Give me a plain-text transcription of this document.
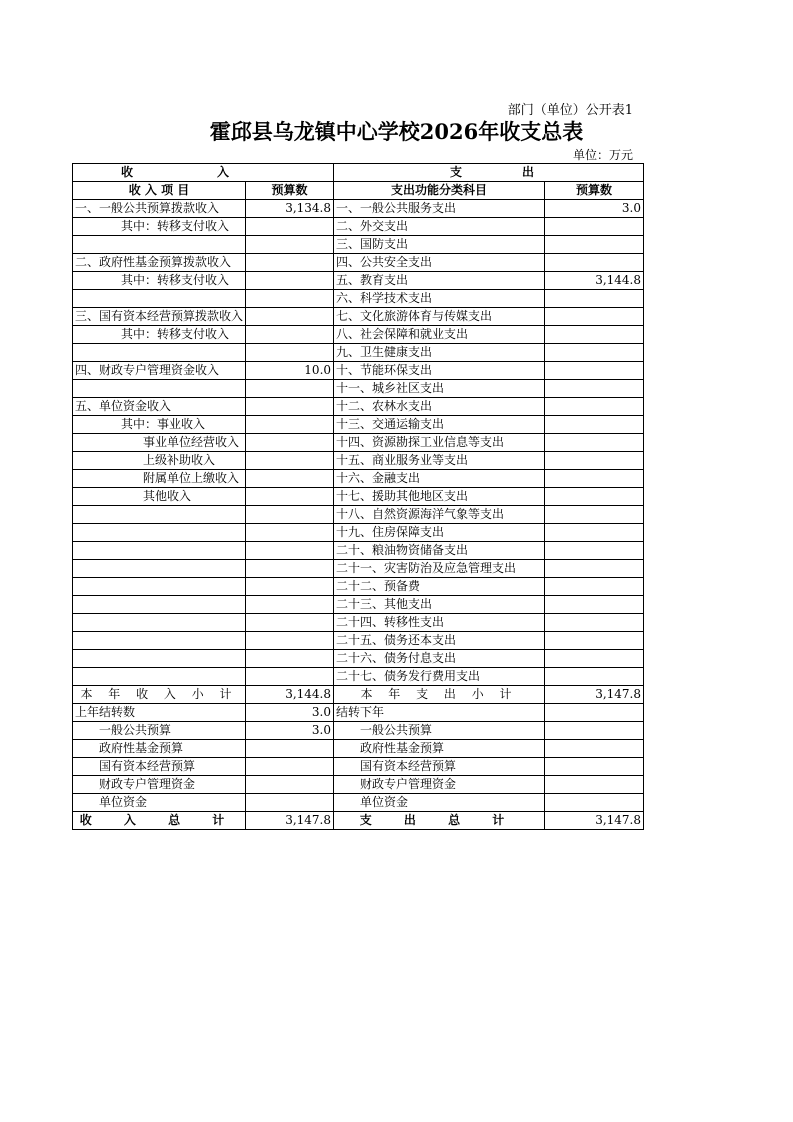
部门（单位）公开表1
霍邱县乌龙镇中心学校2026年收支总表
单位：万元
收　　　　　　　入		支　　　　　出	
收 入 项 目	预算数	支出功能分类科目	预算数
一、一般公共预算拨款收入	3,134.8	一、一般公共服务支出	3.0
其中：转移支付收入		二、外交支出	
		三、国防支出	
二、政府性基金预算拨款收入		四、公共安全支出	
其中：转移支付收入		五、教育支出	3,144.8
		六、科学技术支出	
三、国有资本经营预算拨款收入		七、文化旅游体育与传媒支出	
其中：转移支付收入		八、社会保障和就业支出	
		九、卫生健康支出	
四、财政专户管理资金收入	10.0	十、节能环保支出	
		十一、城乡社区支出	
五、单位资金收入		十二、农林水支出	
其中：事业收入		十三、交通运输支出	
事业单位经营收入		十四、资源勘探工业信息等支出	
上级补助收入		十五、商业服务业等支出	
附属单位上缴收入		十六、金融支出	
其他收入		十七、援助其他地区支出	
		十八、自然资源海洋气象等支出	
		十九、住房保障支出	
		二十、粮油物资储备支出	
		二十一、灾害防治及应急管理支出	
		二十二、预备费	
		二十三、其他支出	
		二十四、转移性支出	
		二十五、债务还本支出	
		二十六、债务付息支出	
		二十七、债务发行费用支出	
本 年 收 入 小 计	3,144.8	本 年 支 出 小 计	3,147.8
上年结转数	3.0	结转下年	
一般公共预算	3.0	一般公共预算	
政府性基金预算		政府性基金预算	
国有资本经营预算		国有资本经营预算	
财政专户管理资金		财政专户管理资金	
单位资金		单位资金	
收 入 总 计	3,147.8	支 出 总 计	3,147.8
